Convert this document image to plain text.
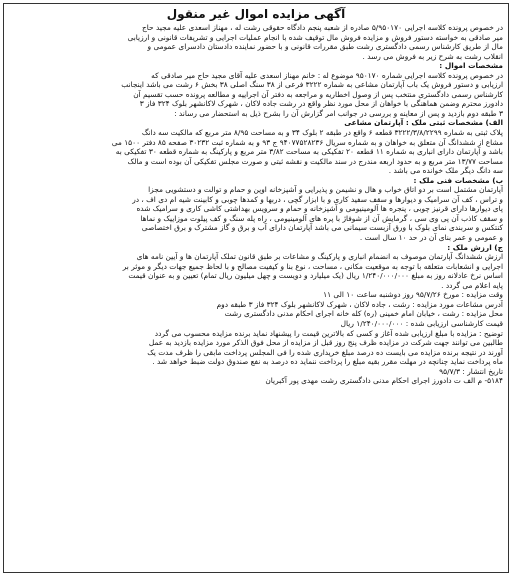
آگهی مزایده اموال غیر منقول
در خصوص پرونده کلاسه اجرایی ۵/۹۵۰۱۷۰ صادره از شعبه پنجم دادگاه حقوقی رشت له ، مهناز اسعدی علیه مجید حاج
میر صادقی به خواسته دستور فروش و مزایده فروش مال توقیف شده با انجام عملیات اجرایی و تشریفات قانونی و ارزیابی
مال از طریق کارشناس رسمی دادگستری رشت طبق مقررات قانونی و با حضور نماینده دادستان دادسرای عمومی و
انقلاب رشت به شرح زیر به فروش می رسد .
مشخصات اموال :
در خصوص پرونده کلاسه اجرایی شماره ۹۵۰۱۷۰ موضوع له : خانم مهناز اسعدی علیه آقای مجید حاج میر صادقی که
ارزیابی و دستور فروش یک باب آپارتمان مشاعی به شماره ۳۲۲۲ فرعی از ۳۸ سنگ اصلی ۳۸ بخش ۶ رشت می باشد اینجانب
کارشناس رسمی دادگستری منتخب پس از وصول اخطاریه و مراجعه به دفتر آن اجراییه و مطالعه پرونده حسب تقسیم آن
دادورز محترم وضمن هماهنگی با خواهان از محل مورد نظر واقع در رشت جاده لاکان ، شهرک لاکانشهر بلوک ۳۲۴ فاز ۳
۳ طبقه دوم بازدید و پس از معاینه و بررسی در جوانب امر گزارش آن را بشرح ذیل به استحضار می رساند :
الف) مشخصات ثبتی ملک : آپارتمان مشاعی
پلاک ثبتی به شماره ۳۲۲۲/۳/۸/۲۲۹۹ قطعه ۶ واقع در طبقه ۲ بلوک ۳۴ و به مساحت ۸/۹۵ متر مربع که مالکیت سه دانگ
مشاع از ششدانگ آن متعلق به خواهان و به شماره سریال ۹۴۰۷۷۵۲۸۲۳۶ ج ۹۳ و به شماره ثبت ۳۰۲۳۲ صفحه ۸۵ دفتر ۱۵۰۰ می
باشد و آپارتمان دارای انباری به شماره ۱۱ قطعه ۲۰ تفکیکی به مساحت ۳/۸۲ متر مربع و پارکینگ به شماره قطعه ۳۰ تفکیکی به
مساحت ۱۳/۷۷ متر مربع و به حدود اربعه مندرج در سند مالکیت و نقشه ثبتی و صورت مجلس تفکیکی آن بوده است و مالک
سه دانگ دیگر ملک خوانده می باشد .
ب) مشخصات فنی ملک :
آپارتمان مشتمل است بر دو اتاق خواب و هال و نشیمن و پذیرایی و آشپزخانه اوپن و حمام و توالت و دستشویی مجزا
و تراس ، کف آن سرامیک و دیوارها و سقف سفید کاری و با ابزار گچی ، دربها و کمدها چوبی و کابینت شیه ام دی اف ، در
پای دیوارها دارای قرنیز چوبی ، پنجره ها آلومینیومی و آشپزخانه و حمام و سرویس بهداشتی کاشی کاری و سرامیک شده
و سقف کاذب آن پی وی سی ، گرمایش آن از شوفاژ با پره های آلومینیومی ، راه پله سنگ و کف پیلوت موزاییک و نماها
کنتکس و سربندی نمای بلوک با ورق آزبست سیمانی می باشد آپارتمان دارای آب و برق و گاز مشترک و برق اختصاصی
و عمومی و عمر بنای آن در حد ۱۰ سال است .
ج) ارزش ملک :
ارزش ششدانگ آپارتمان موصوف به انضمام انباری و پارکینگ و مشاعات بر طبق قانون تملک آپارتمان ها و آیین نامه های
اجرایی و انشعابات متعلقه با توجه به موقعیت مکانی ، مساحت ، نوع بنا و کیفیت مصالح و با لحاظ جمیع جهات دیگر و موثر بر
اساس نرخ عادلانه روز به مبلغ ۱/۲۴۰/۰۰۰/۰۰۰ ریال (یک میلیارد و دویست و چهل میلیون ریال تمام) تعیین و به عنوان قیمت
پایه اعلام می گردد .
وقت مزایده : مورخ ۹۵/۷/۲۶ روز دوشنبه ساعت ۱۰ الی ۱۱
آدرس مشاعات مورد مزایده : رشت ، جاده لاکان ، شهرک لاکانشهر بلوک ۳۲۴ فاز ۳ طبقه دوم
محل مزایده : رشت ، خیابان امام خمینی (ره) کله خانه اجرای احکام مدنی دادگستری رشت
قیمت کارشناسی ارزیابی شده : ۱/۲۴۰/۰۰۰/۰۰۰ ریال
توضیح : مزایده با مبلغ ارزیابی شده آغاز و کسی که بالاترین قیمت را پیشنهاد نماید برنده مزایده محسوب می گردد
طالبین می توانند جهت شرکت در مزایده ظرف پنج روز قبل از مزایده از محل فوق الذکر مورد مزایده بازدید به عمل
آورند در نتیجه برنده مزایده می بایست ده درصد مبلغ خریداری شده را فی المجلس پرداخت مابقی را ظرف مدت یک
ماه پرداخت نماید چنانچه در مهلت مقرر بقیه مبلغ را پرداخت ننماید ده درصد به نفع صندوق دولت ضبط خواهد شد .
تاریخ انتشار : ۹۵/۷/۳
۵۱۸۴- م الف ت دادورز اجرای احکام مدنی دادگستری رشت مهدی پور آکبریان
